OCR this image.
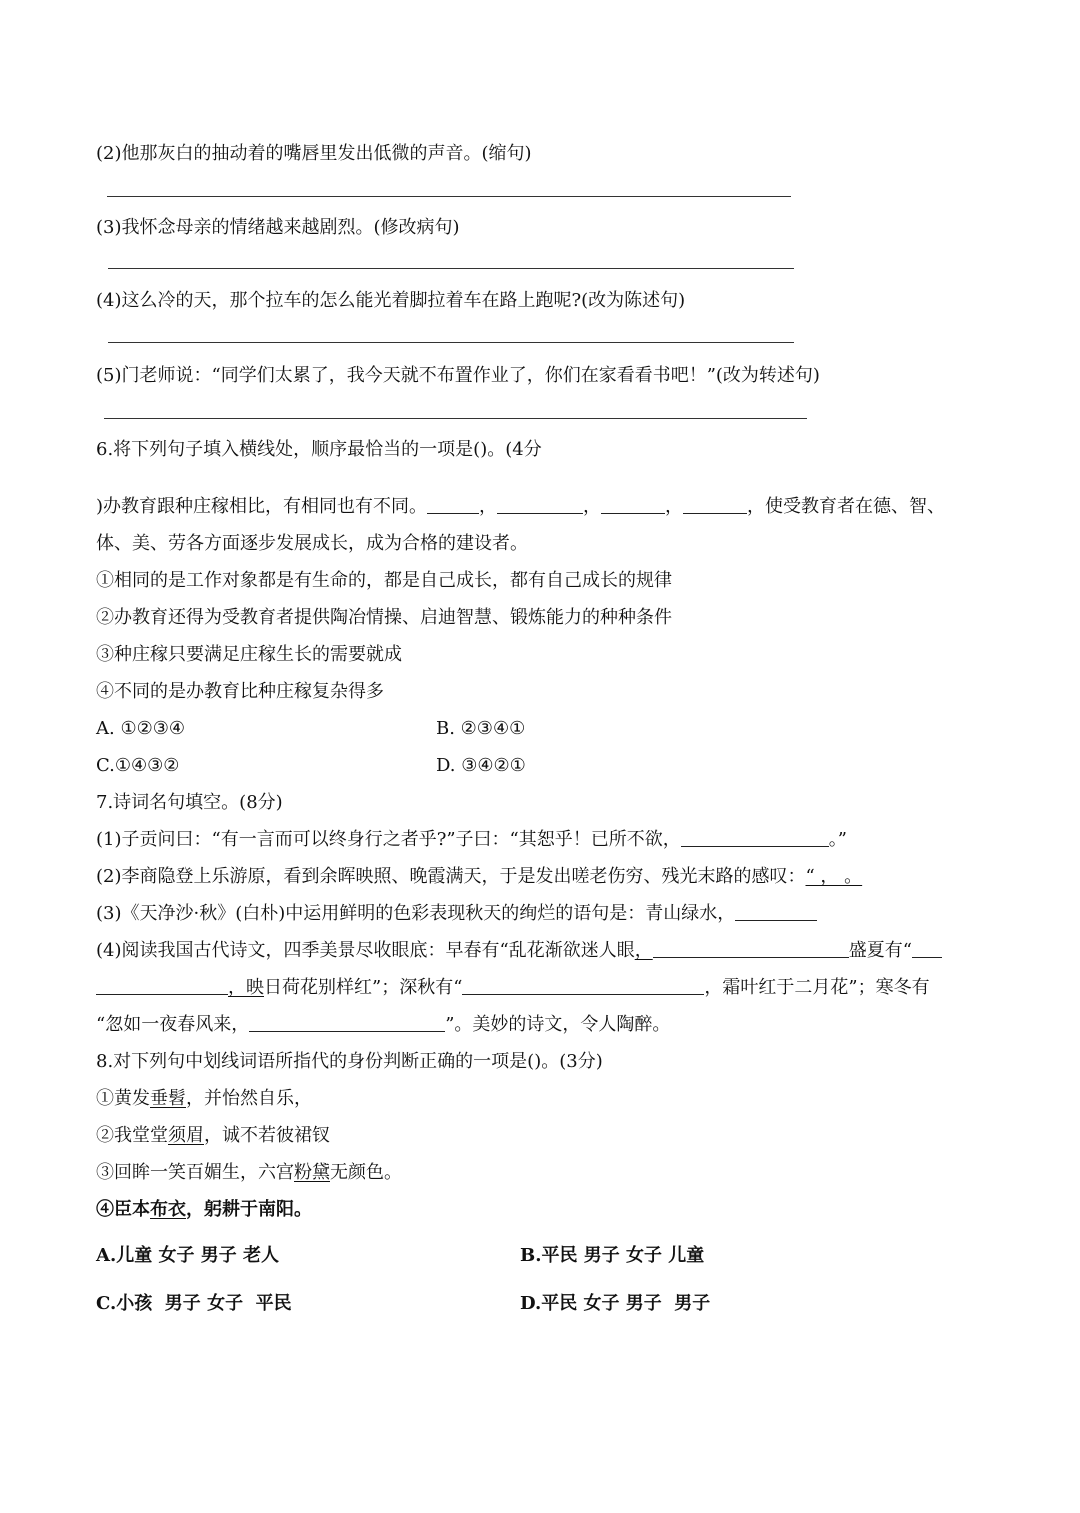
(2)他那灰白的抽动着的嘴唇里发出低微的声音。(缩句)
(3)我怀念母亲的情绪越来越剧烈。(修改病句)
(4)这么冷的天，那个拉车的怎么能光着脚拉着车在路上跑呢?(改为陈述句)
(5)门老师说：“同学们太累了，我今天就不布置作业了，你们在家看看书吧！”(改为转述句)
6.将下列句子填入横线处，顺序最恰当的一项是()。(4分
)办教育跟种庄稼相比，有相同也有不同。	，	，	，	，使受教育者在德、智、
体、美、劳各方面逐步发展成长，成为合格的建设者。
①相同的是工作对象都是有生命的，都是自己成长，都有自己成长的规律
②办教育还得为受教育者提供陶冶情操、启迪智慧、锻炼能力的种种条件
③种庄稼只要满足庄稼生长的需要就成
④不同的是办教育比种庄稼复杂得多
A. ①②③④	B. ②③④①
C.①④③②	D. ③④②①
7.诗词名句填空。(8分)
(1)子贡问曰：“有一言而可以终身行之者乎?”子曰：“其恕乎！已所不欲，	。”
(2)李商隐登上乐游原，看到余晖映照、晚霞满天，于是发出嗟老伤穷、残光末路的感叹：“ ， 。
(3)《天净沙·秋》(白朴)中运用鲜明的色彩表现秋天的绚烂的语句是：青山绿水，
(4)阅读我国古代诗文，四季美景尽收眼底：早春有“乱花渐欲迷人眼，	盛夏有“
，映日荷花别样红”；深秋有“	，霜叶红于二月花”；寒冬有
“忽如一夜春风来，	”。美妙的诗文，令人陶醉。
8.对下列句中划线词语所指代的身份判断正确的一项是()。(3分)
①黄发垂髫，并怡然自乐，
②我堂堂须眉，诚不若彼裙钗
③回眸一笑百媚生，六宫粉黛无颜色。
④臣本布衣，躬耕于南阳。
A.儿童 女子 男子 老人	B.平民 男子 女子 儿童
C.小孩  男子 女子  平民	D.平民 女子 男子  男子
